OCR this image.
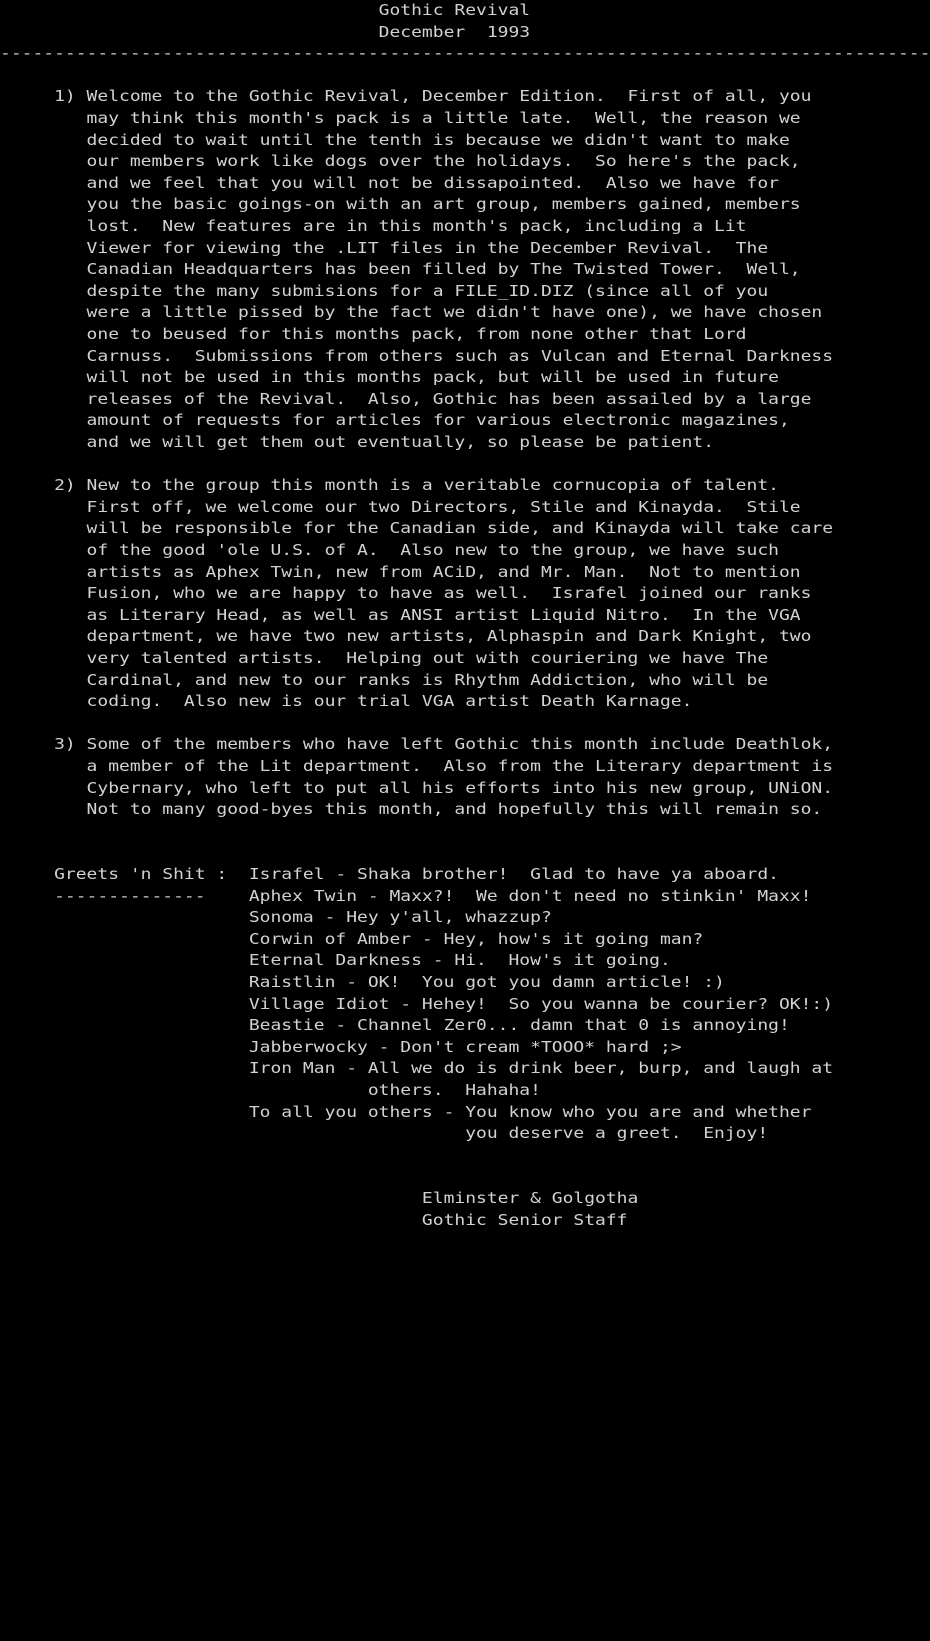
Gothic Revival

December  1993

--------------------------------------------------------------------------------------

1) Welcome to the Gothic Revival, December Edition.  First of all, you

may think this month's pack is a little late.  Well, the reason we

decided to wait until the tenth is because we didn't want to make

our members work like dogs over the holidays.  So here's the pack,

and we feel that you will not be dissapointed.  Also we have for

you the basic goings-on with an art group, members gained, members

lost.  New features are in this month's pack, including a Lit

Viewer for viewing the .LIT files in the December Revival.  The

Canadian Headquarters has been filled by The Twisted Tower.  Well,

despite the many submisions for a FILE_ID.DIZ (since all of you

were a little pissed by the fact we didn't have one), we have chosen

one to beused for this months pack, from none other that Lord

Carnuss.  Submissions from others such as Vulcan and Eternal Darkness

will not be used in this months pack, but will be used in future

releases of the Revival.  Also, Gothic has been assailed by a large

amount of requests for articles for various electronic magazines,

and we will get them out eventually, so please be patient.

2) New to the group this month is a veritable cornucopia of talent.

First off, we welcome our two Directors, Stile and Kinayda.  Stile

will be responsible for the Canadian side, and Kinayda will take care

of the good 'ole U.S. of A.  Also new to the group, we have such

artists as Aphex Twin, new from ACiD, and Mr. Man.  Not to mention

Fusion, who we are happy to have as well.  Israfel joined our ranks

as Literary Head, as well as ANSI artist Liquid Nitro.  In the VGA

department, we have two new artists, Alphaspin and Dark Knight, two

very talented artists.  Helping out with couriering we have The

Cardinal, and new to our ranks is Rhythm Addiction, who will be

coding.  Also new is our trial VGA artist Death Karnage.

3) Some of the members who have left Gothic this month include Deathlok,

a member of the Lit department.  Also from the Literary department is

Cybernary, who left to put all his efforts into his new group, UNiON.

Not to many good-byes this month, and hopefully this will remain so.

Greets 'n Shit :  Israfel - Shaka brother!  Glad to have ya aboard.

--------------    Aphex Twin - Maxx?!  We don't need no stinkin' Maxx!

Sonoma - Hey y'all, whazzup?

Corwin of Amber - Hey, how's it going man?

Eternal Darkness - Hi.  How's it going.

Raistlin - OK!  You got you damn article! :)

Village Idiot - Hehey!  So you wanna be courier? OK!:)

Beastie - Channel Zer0... damn that 0 is annoying!

Jabberwocky - Don't cream *TOOO* hard ;>

Iron Man - All we do is drink beer, burp, and laugh at

others.  Hahaha!

To all you others - You know who you are and whether

you deserve a greet.  Enjoy!

Elminster & Golgotha

Gothic Senior Staff
